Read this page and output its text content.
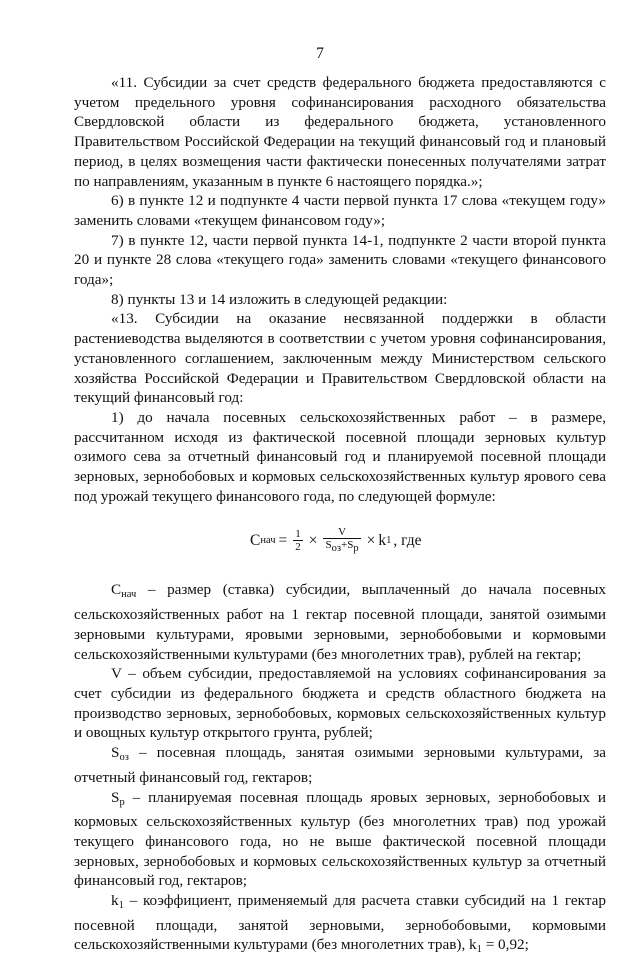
7

«11. Субсидии за счет средств федерального бюджета предоставляются с учетом предельного уровня софинансирования расходного обязательства Свердловской области из федерального бюджета, установленного Правительством Российской Федерации на текущий финансовый год и плановый период, в целях возмещения части фактически понесенных получателями затрат по направлениям, указанным в пункте 6 настоящего порядка.»;

6) в пункте 12 и подпункте 4 части первой пункта 17 слова «текущем году» заменить словами «текущем финансовом году»;

7) в пункте 12, части первой пункта 14-1, подпункте 2 части второй пункта 20 и пункте 28 слова «текущего года» заменить словами «текущего финансового года»;

8) пункты 13 и 14 изложить в следующей редакции:

«13. Субсидии на оказание несвязанной поддержки в области растениеводства выделяются в соответствии с учетом уровня софинансирования, установленного соглашением, заключенным между Министерством сельского хозяйства Российской Федерации и Правительством Свердловской области на текущий финансовый год:

1) до начала посевных сельскохозяйственных работ – в размере, рассчитанном исходя из фактической посевной площади зерновых культур озимого сева за отчетный финансовый год и планируемой посевной площади зерновых, зернобобовых и кормовых сельскохозяйственных культур ярового сева под урожай текущего финансового года, по следующей формуле:

C нач = $\frac{1}{2} \times \frac{V}{\text{Sоз+Sр}} \times k$ 1 , где

$C_{нач}$ – размер (ставка) субсидии, выплаченный до начала посевных сельскохозяйственных работ на 1 гектар посевной площади, занятой озимыми зерновыми культурами, яровыми зерновыми, зернобобовыми и кормовыми сельскохозяйственными культурами (без многолетних трав), рублей на гектар;

V – объем субсидии, предоставляемой на условиях софинансирования за счет субсидии из федерального бюджета и средств областного бюджета на производство зерновых, зернобобовых, кормовых сельскохозяйственных культур и овощных культур открытого грунта, рублей;

$S_{оз}$ – посевная площадь, занятая озимыми зерновыми культурами, за отчетный финансовый год, гектаров;

$S_р$ – планируемая посевная площадь яровых зерновых, зернобобовых и кормовых сельскохозяйственных культур (без многолетних трав) под урожай текущего финансового года, но не выше фактической посевной площади зерновых, зернобобовых и кормовых сельскохозяйственных культур за отчетный финансовый год, гектаров;

$k_1$ – коэффициент, применяемый для расчета ставки субсидий на 1 гектар посевной площади, занятой зерновыми, зернобобовыми, кормовыми сельскохозяйственными культурами (без многолетних трав), $k_1 = 0,92$;
